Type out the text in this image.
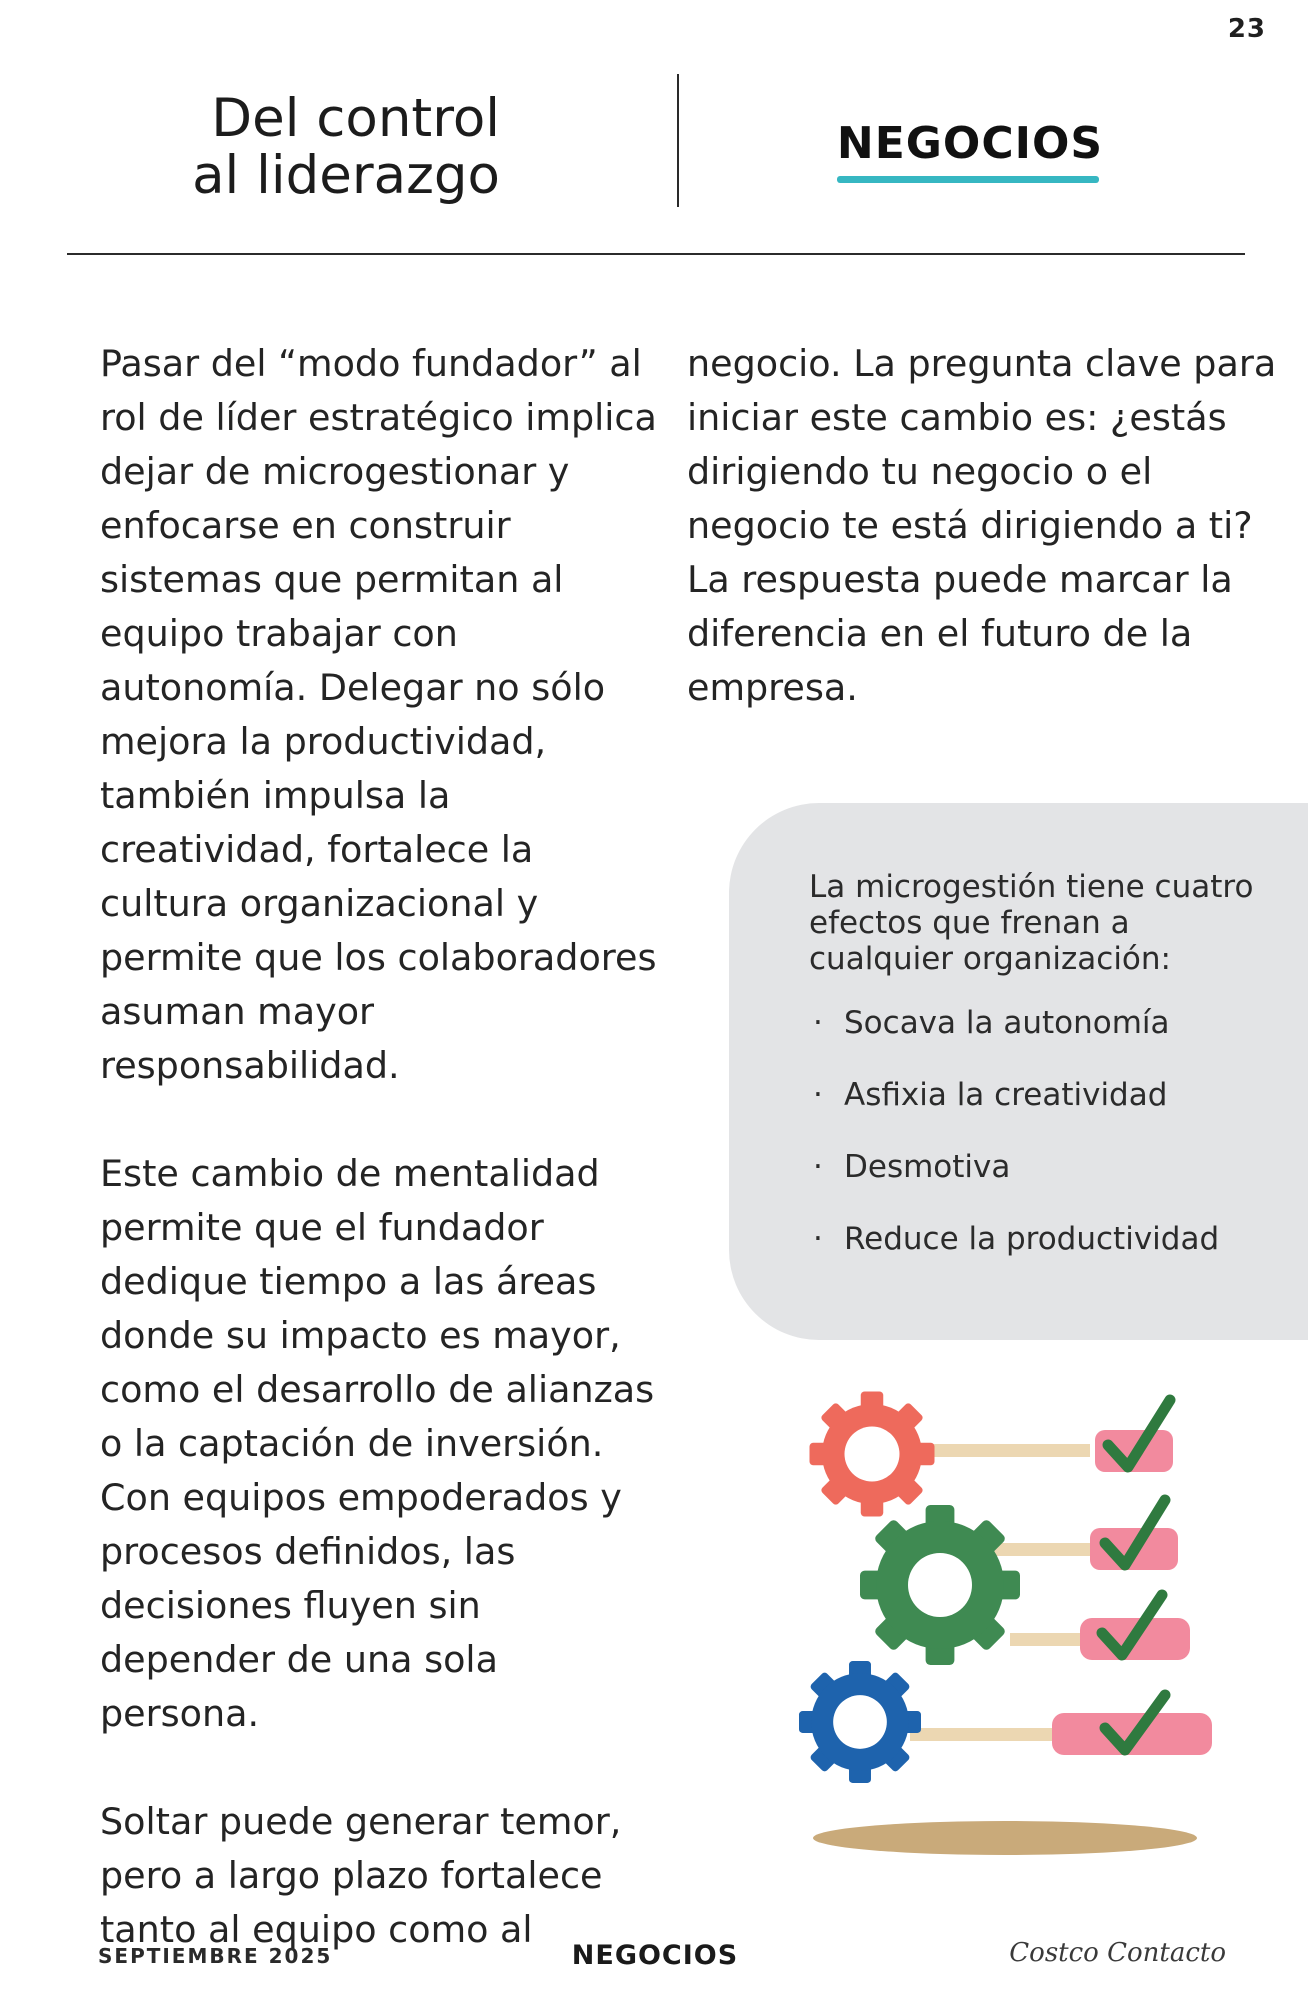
23
Del control
al liderazgo
NEGOCIOS

Pasar del “modo fundador” al rol de líder estratégico implica dejar de microgestionar y enfocarse en construir sistemas que permitan al equipo trabajar con autonomía. Delegar no sólo mejora la productividad, también impulsa la creatividad, fortalece la cultura organizacional y permite que los colaboradores asuman mayor responsabilidad.

Este cambio de mentalidad permite que el fundador dedique tiempo a las áreas donde su impacto es mayor, como el desarrollo de alianzas o la captación de inversión. Con equipos empoderados y procesos definidos, las decisiones fluyen sin depender de una sola persona.

Soltar puede generar temor, pero a largo plazo fortalece tanto al equipo como al

negocio. La pregunta clave para iniciar este cambio es: ¿estás dirigiendo tu negocio o el negocio te está dirigiendo a ti? La respuesta puede marcar la diferencia en el futuro de la empresa.

La microgestión tiene cuatro efectos que frenan a cualquier organización:

· Socava la autonomía
· Asfixia la creatividad
· Desmotiva
· Reduce la productividad
SEPTIEMBRE 2025	NEGOCIOS	Costco Contacto
